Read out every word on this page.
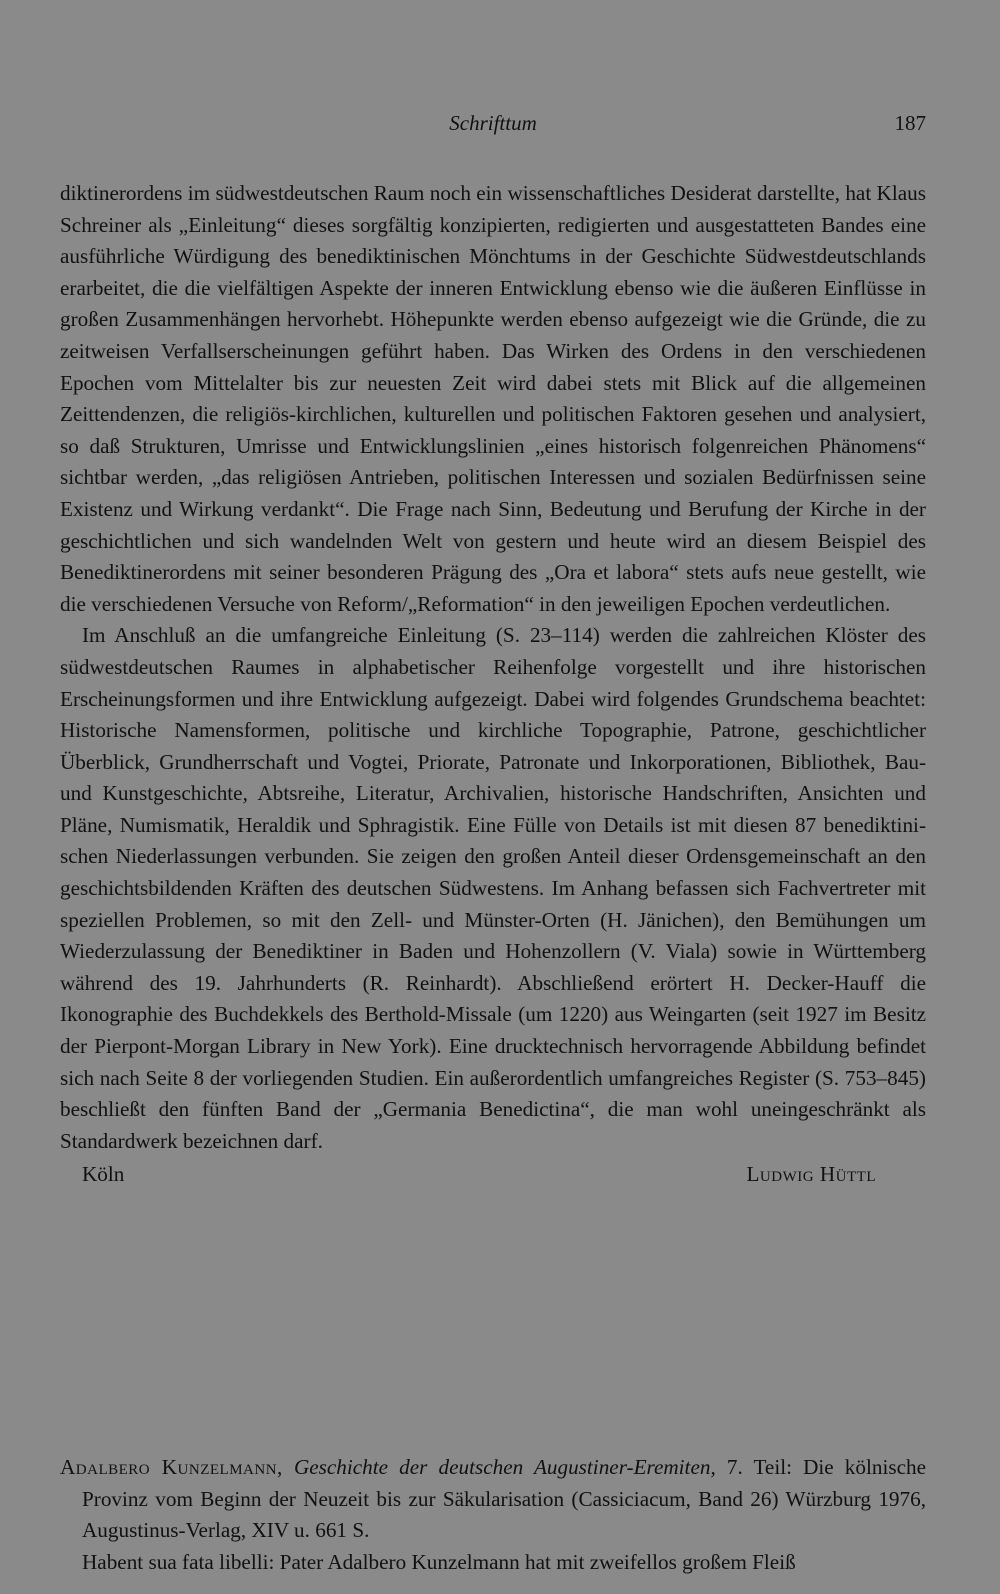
Schrifttum	187

diktinerordens im südwestdeutschen Raum noch ein wissenschaftliches Desiderat darstellte, hat Klaus Schreiner als „Einleitung“ dieses sorgfältig konzipierten, redigierten und ausgestatteten Bandes eine ausführliche Würdigung des benediktinischen Mönchtums in der Geschichte Südwestdeutschlands erarbeitet, die die vielfältigen Aspekte der inneren Entwicklung ebenso wie die äußeren Einflüsse in großen Zusammenhängen hervorhebt. Höhepunkte werden ebenso aufgezeigt wie die Gründe, die zu zeitweisen Verfallserscheinungen geführt haben. Das Wirken des Ordens in den verschiedenen Epochen vom Mittelalter bis zur neuesten Zeit wird dabei stets mit Blick auf die allgemeinen Zeittendenzen, die religiös-kirchlichen, kulturellen und politischen Faktoren gesehen und analysiert, so daß Strukturen, Umrisse und Entwicklungslinien „eines historisch folgenreichen Phänomens“ sichtbar werden, „das religiösen Antrieben, politischen Interessen und sozialen Bedürfnissen seine Existenz und Wirkung verdankt“. Die Frage nach Sinn, Bedeutung und Berufung der Kirche in der geschichtlichen und sich wandelnden Welt von gestern und heute wird an diesem Beispiel des Benediktinerordens mit seiner besonderen Prägung des „Ora et labora“ stets aufs neue gestellt, wie die verschiedenen Versuche von Reform/„Reformation“ in den jeweiligen Epochen verdeutlichen.

Im Anschluß an die umfangreiche Einleitung (S. 23–114) werden die zahlreichen Klöster des südwestdeutschen Raumes in alphabetischer Reihenfolge vorgestellt und ihre historischen Erscheinungsformen und ihre Entwicklung aufgezeigt. Dabei wird folgendes Grundschema beachtet: Historische Namensformen, politische und kirchliche Topographie, Patrone, geschichtlicher Überblick, Grundherrschaft und Vogtei, Priorate, Patronate und Inkorporationen, Bibliothek, Bau- und Kunstgeschichte, Abtsreihe, Literatur, Archivalien, historische Handschriften, Ansichten und Pläne, Numismatik, Heraldik und Sphragistik. Eine Fülle von Details ist mit diesen 87 benediktinischen Niederlassungen verbunden. Sie zeigen den großen Anteil dieser Ordensgemeinschaft an den geschichtsbildenden Kräften des deutschen Südwestens. Im Anhang befassen sich Fachvertreter mit speziellen Problemen, so mit den Zell- und Münster-Orten (H. Jänichen), den Bemühungen um Wiederzulassung der Benediktiner in Baden und Hohenzollern (V. Viala) sowie in Württemberg während des 19. Jahrhunderts (R. Reinhardt). Abschließend erörtert H. Decker-Hauff die Ikonographie des Buchdekkels des Berthold-Missale (um 1220) aus Weingarten (seit 1927 im Besitz der Pierpont-Morgan Library in New York). Eine drucktechnisch hervorragende Abbildung befindet sich nach Seite 8 der vorliegenden Studien. Ein außerordentlich umfangreiches Register (S. 753–845) beschließt den fünften Band der „Germania Benedictina“, die man wohl uneingeschränkt als Standardwerk bezeichnen darf.

Köln	Ludwig Hüttl

Adalbero Kunzelmann, Geschichte der deutschen Augustiner-Eremiten, 7. Teil: Die kölnische Provinz vom Beginn der Neuzeit bis zur Säkularisation (Cassiciacum, Band 26) Würzburg 1976, Augustinus-Verlag, XIV u. 661 S.

Habent sua fata libelli: Pater Adalbero Kunzelmann hat mit zweifellos großem Fleiß
